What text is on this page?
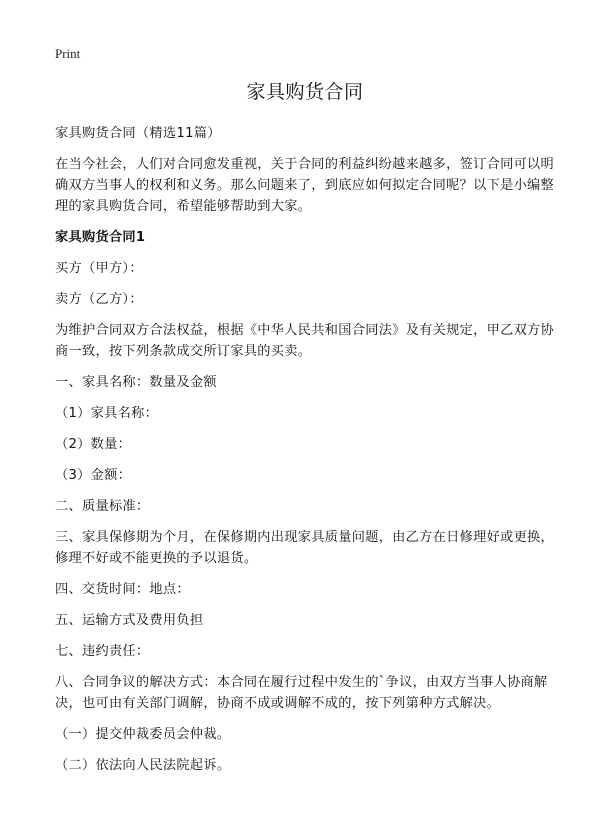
Print
家具购货合同

家具购货合同（精选11篇）

在当今社会，人们对合同愈发重视，关于合同的利益纠纷越来越多，签订合同可以明确双方当事人的权利和义务。那么问题来了，到底应如何拟定合同呢？以下是小编整理的家具购货合同，希望能够帮助到大家。

家具购货合同1

买方（甲方）：

卖方（乙方）：

为维护合同双方合法权益，根据《中华人民共和国合同法》及有关规定，甲乙双方协商一致，按下列条款成交所订家具的买卖。

一、家具名称：数量及金额

（1）家具名称：

（2）数量：

（3）金额：

二、质量标准：

三、家具保修期为个月，在保修期内出现家具质量问题，由乙方在日修理好或更换，修理不好或不能更换的予以退货。

四、交货时间：地点：

五、运输方式及费用负担

七、违约责任：

八、合同争议的解决方式：本合同在履行过程中发生的`争议，由双方当事人协商解决，也可由有关部门调解，协商不成或调解不成的，按下列第种方式解决。

（一）提交仲裁委员会仲裁。

（二）依法向人民法院起诉。
